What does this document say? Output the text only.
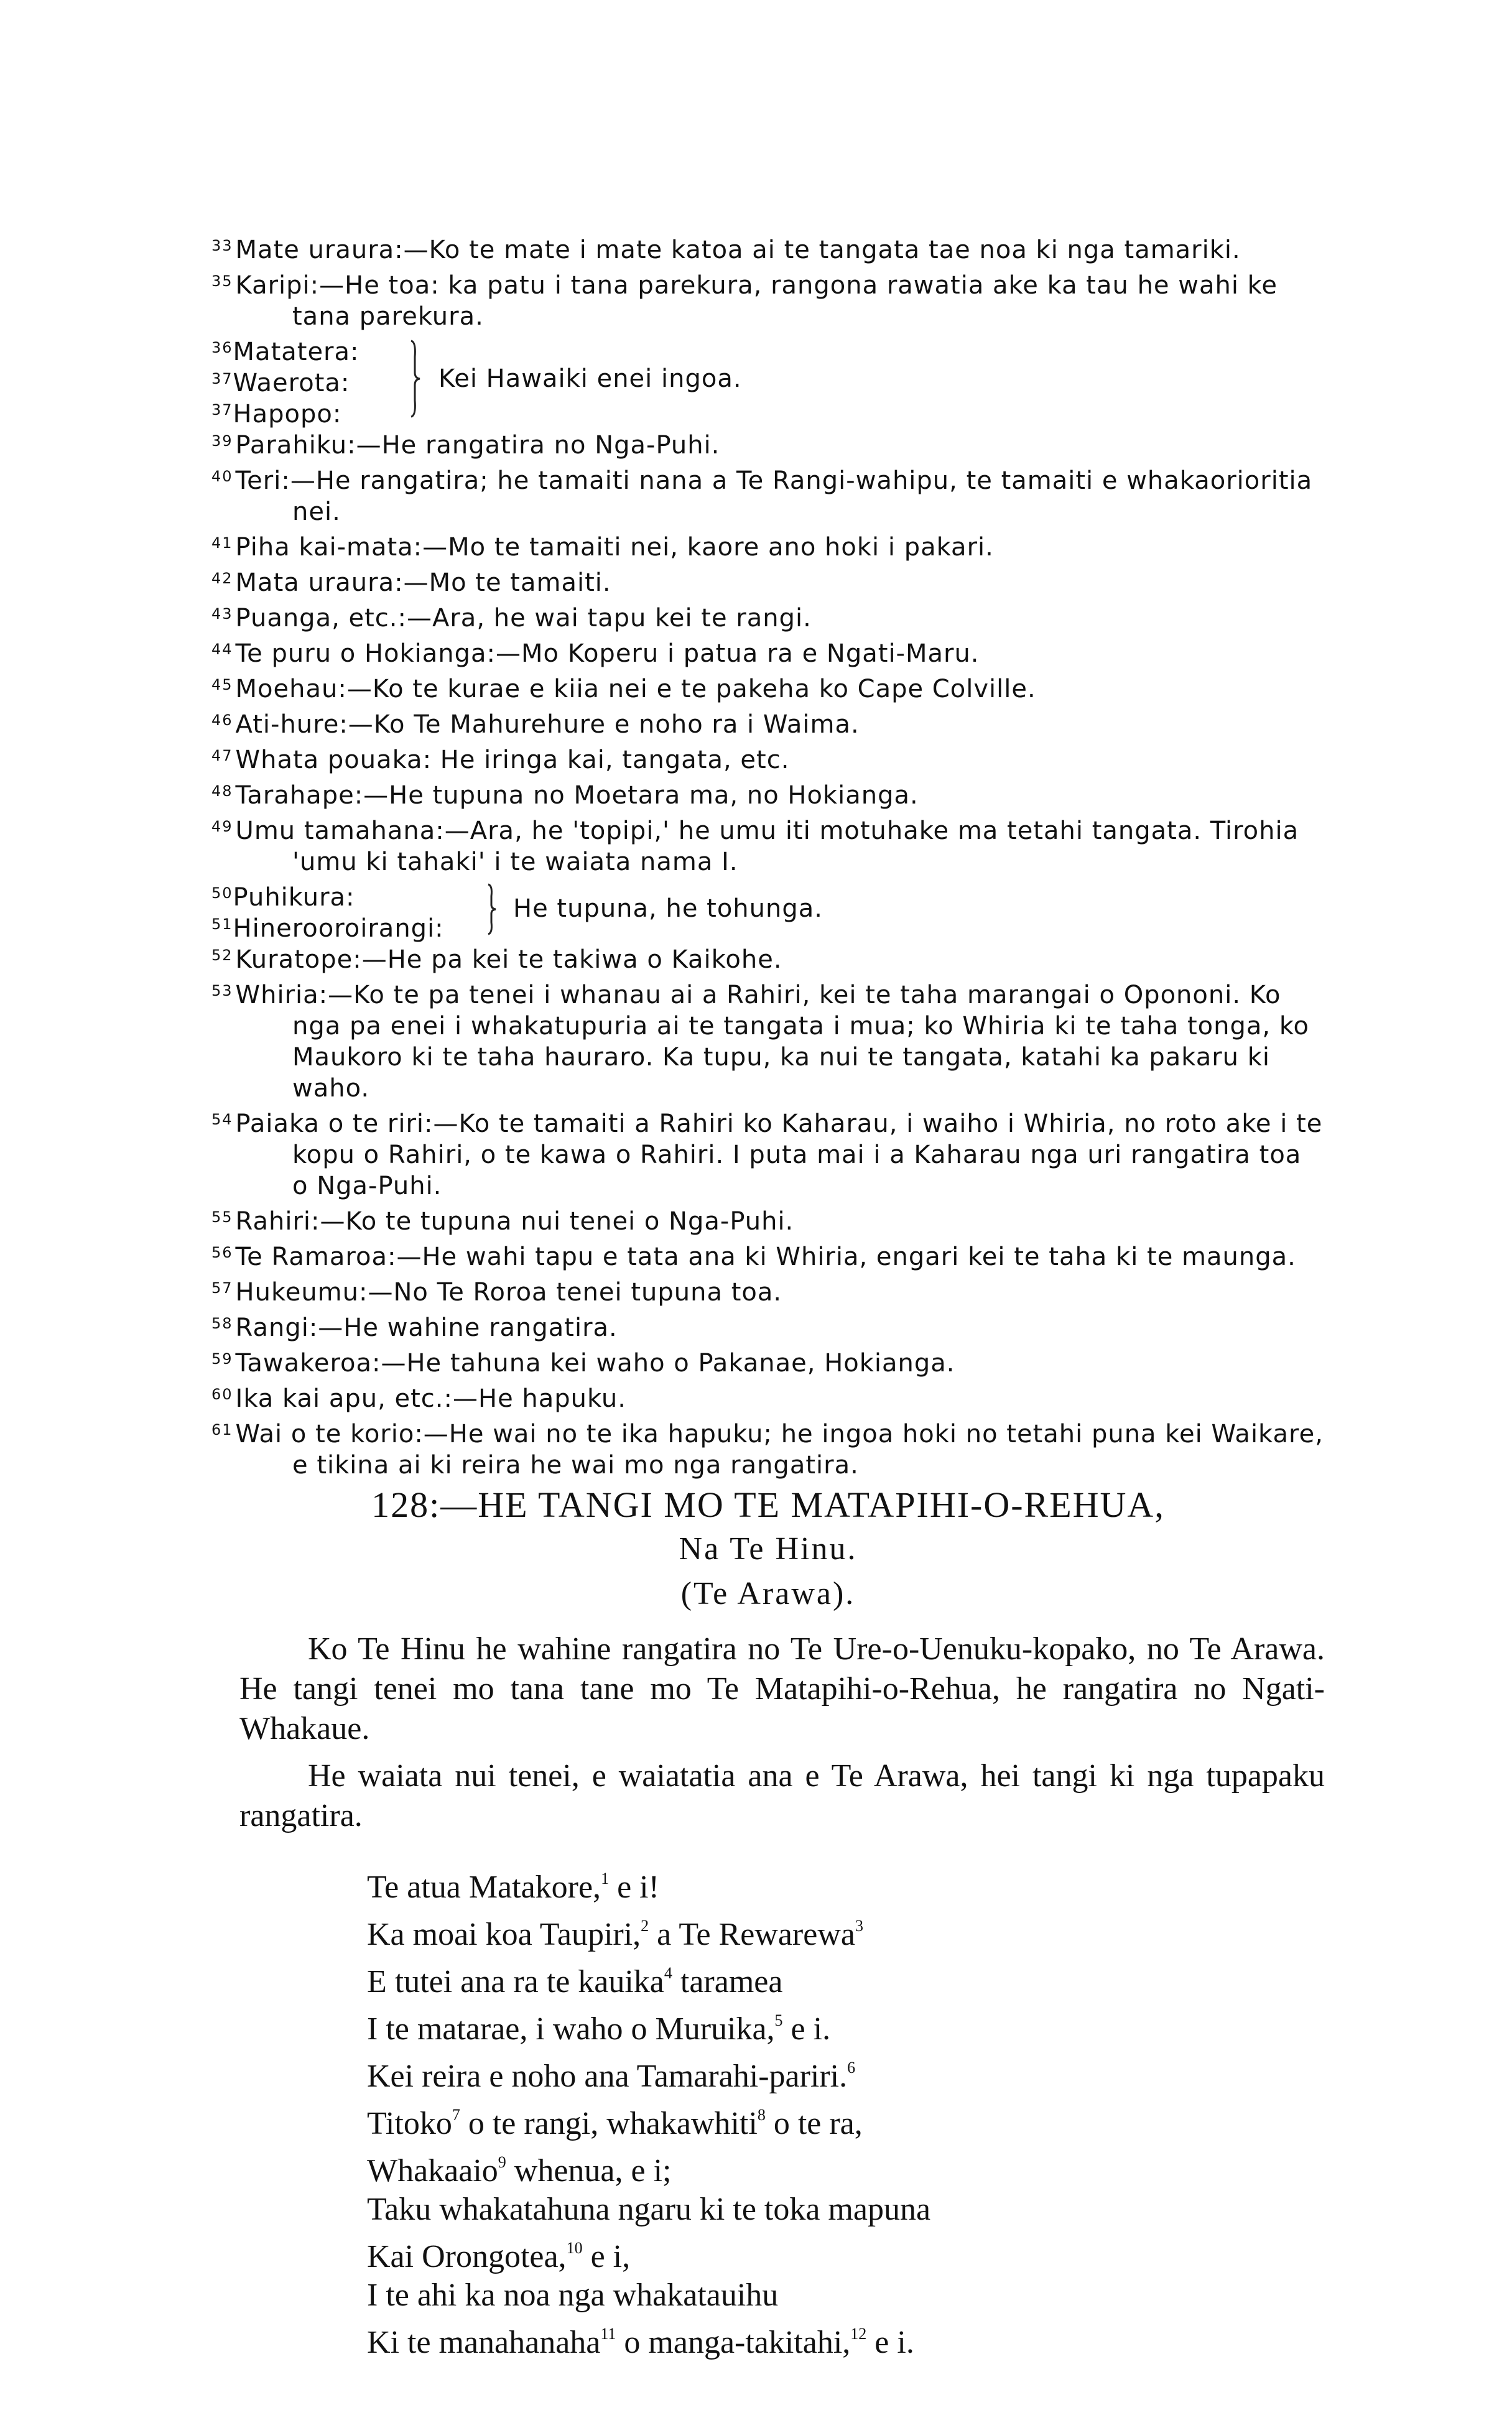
$^{33}$ Mate uraura:—Ko te mate i mate katoa ai te tangata tae noa ki nga tamariki.

$^{35}$ Karipi:—He toa: ka patu i tana parekura, rangona rawatia ake ka tau he wahi ke tana parekura.

$^{36}$Matatera:
$^{37}$Waerota:
$^{37}$Hapopo:
Kei Hawaiki enei ingoa.

$^{39}$ Parahiku:—He rangatira no Nga-Puhi.

$^{40}$ Teri:—He rangatira; he tamaiti nana a Te Rangi-wahipu, te tamaiti e whakaorioritia nei.

$^{41}$ Piha kai-mata:—Mo te tamaiti nei, kaore ano hoki i pakari.

$^{42}$ Mata uraura:—Mo te tamaiti.

$^{43}$ Puanga, etc.:—Ara, he wai tapu kei te rangi.

$^{44}$ Te puru o Hokianga:—Mo Koperu i patua ra e Ngati-Maru.

$^{45}$ Moehau:—Ko te kurae e kiia nei e te pakeha ko Cape Colville.

$^{46}$ Ati-hure:—Ko Te Mahurehure e noho ra i Waima.

$^{47}$ Whata pouaka: He iringa kai, tangata, etc.

$^{48}$ Tarahape:—He tupuna no Moetara ma, no Hokianga.

$^{49}$ Umu tamahana:—Ara, he 'topipi,' he umu iti motuhake ma tetahi tangata. Tirohia 'umu ki tahaki' i te waiata nama I.

$^{50}$Puhikura:
$^{51}$Hinerooroirangi:
He tupuna, he tohunga.

$^{52}$ Kuratope:—He pa kei te takiwa o Kaikohe.

$^{53}$ Whiria:—Ko te pa tenei i whanau ai a Rahiri, kei te taha marangai o Opononi. Ko nga pa enei i whakatupuria ai te tangata i mua; ko Whiria ki te taha tonga, ko Maukoro ki te taha hauraro. Ka tupu, ka nui te tangata, katahi ka pakaru ki waho.

$^{54}$ Paiaka o te riri:—Ko te tamaiti a Rahiri ko Kaharau, i waiho i Whiria, no roto ake i te kopu o Rahiri, o te kawa o Rahiri. I puta mai i a Kaharau nga uri rangatira toa o Nga-Puhi.

$^{55}$ Rahiri:—Ko te tupuna nui tenei o Nga-Puhi.

$^{56}$ Te Ramaroa:—He wahi tapu e tata ana ki Whiria, engari kei te taha ki te maunga.

$^{57}$ Hukeumu:—No Te Roroa tenei tupuna toa.

$^{58}$ Rangi:—He wahine rangatira.

$^{59}$ Tawakeroa:—He tahuna kei waho o Pakanae, Hokianga.

$^{60}$ Ika kai apu, etc.:—He hapuku.

$^{61}$ Wai o te korio:—He wai no te ika hapuku; he ingoa hoki no tetahi puna kei Waikare, e tikina ai ki reira he wai mo nga rangatira.

128:—HE TANGI MO TE MATAPIHI-O-REHUA,
Na Te Hinu.
(Te Arawa).

Ko Te Hinu he wahine rangatira no Te Ure-o-Uenuku-kopako, no Te Arawa. He tangi tenei mo tana tane mo Te Matapihi-o-Rehua, he rangatira no Ngati-Whakaue.

He waiata nui tenei, e waiatatia ana e Te Arawa, hei tangi ki nga tupapaku rangatira.

Te atua Matakore,$^1$ e i!

Ka moai koa Taupiri,$^2$ a Te Rewarewa$^3$

E tutei ana ra te kauika$^4$ taramea

I te matarae, i waho o Muruika,$^5$ e i.

Kei reira e noho ana Tamarahi-pariri.$^6$

Titoko$^7$ o te rangi, whakawhiti$^8$ o te ra,

Whakaaio$^9$ whenua, e i;

Taku whakatahuna ngaru ki te toka mapuna

Kai Orongotea,$^{10}$ e i,

I te ahi ka noa nga whakatauihu

Ki te manahanaha$^{11}$ o manga-takitahi,$^{12}$ e i.
